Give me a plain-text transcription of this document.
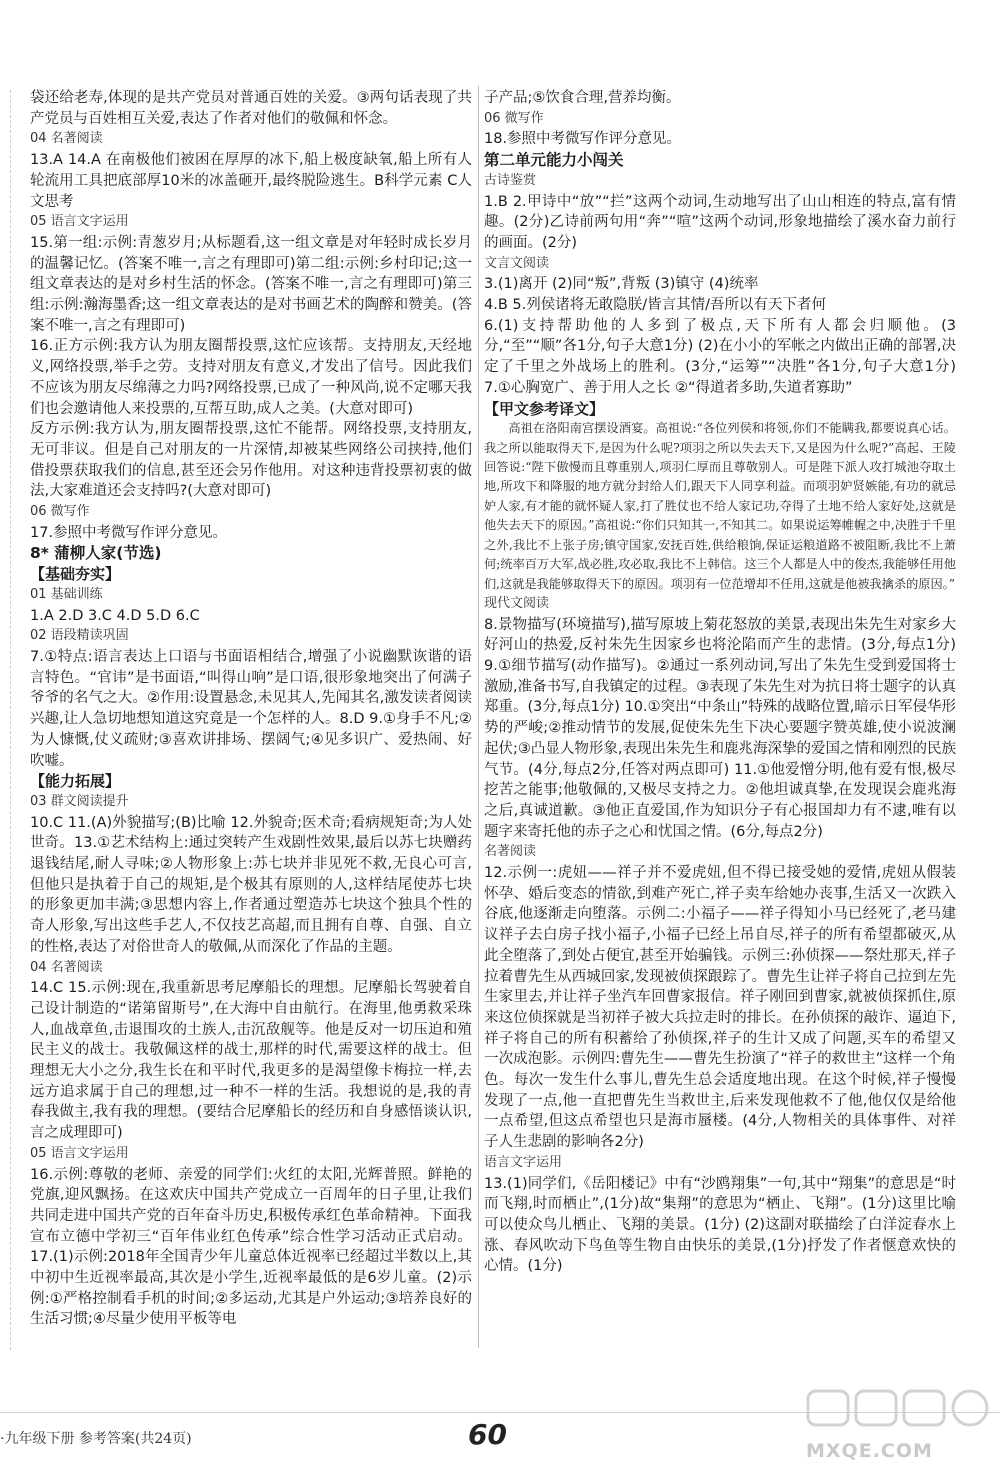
袋还给老寿,体现的是共产党员对普通百姓的关爱。③两句话表现了共产党员与百姓相互关爱,表达了作者对他们的敬佩和怀念。

04 名著阅读

13.A 14.A 在南极他们被困在厚厚的冰下,船上极度缺氧,船上所有人轮流用工具把底部厚10米的冰盖砸开,最终脱险逃生。B科学元素 C人文思考

05 语言文字运用

15.第一组:示例:青葱岁月;从标题看,这一组文章是对年轻时成长岁月的温馨记忆。(答案不唯一,言之有理即可)第二组:示例:乡村印记;这一组文章表达的是对乡村生活的怀念。(答案不唯一,言之有理即可)第三组:示例:瀚海墨香;这一组文章表达的是对书画艺术的陶醉和赞美。(答案不唯一,言之有理即可)

16.正方示例:我方认为朋友圈帮投票,这忙应该帮。支持朋友,天经地义,网络投票,举手之劳。支持对朋友有意义,才发出了信号。因此我们不应该为朋友尽绵薄之力吗?网络投票,已成了一种风尚,说不定哪天我们也会邀请他人来投票的,互帮互助,成人之美。(大意对即可)

反方示例:我方认为,朋友圈帮投票,这忙不能帮。网络投票,支持朋友,无可非议。但是自己对朋友的一片深情,却被某些网络公司挟持,他们借投票获取我们的信息,甚至还会另作他用。对这种违背投票初衷的做法,大家难道还会支持吗?(大意对即可)

06 微写作

17.参照中考微写作评分意见。

8* 蒲柳人家(节选)

【基础夯实】

01 基础训练

1.A 2.D 3.C 4.D 5.D 6.C

02 语段精读巩固

7.①特点:语言表达上口语与书面语相结合,增强了小说幽默诙谐的语言特色。“官讳”是书面语,“叫得山响”是口语,很形象地突出了何满子爷爷的名气之大。②作用:设置悬念,未见其人,先闻其名,激发读者阅读兴趣,让人急切地想知道这究竟是一个怎样的人。8.D 9.①身手不凡;②为人慷慨,仗义疏财;③喜欢讲排场、摆阔气;④见多识广、爱热闹、好吹嘘。

【能力拓展】

03 群文阅读提升

10.C 11.(A)外貌描写;(B)比喻 12.外貌奇;医术奇;看病规矩奇;为人处世奇。13.①艺术结构上:通过突转产生戏剧性效果,最后以苏七块赠药退钱结尾,耐人寻味;②人物形象上:苏七块并非见死不救,无良心可言,但他只是执着于自己的规矩,是个极其有原则的人,这样结尾使苏七块的形象更加丰满;③思想内容上,作者通过塑造苏七块这个独具个性的奇人形象,写出这些手艺人,不仅技艺高超,而且拥有自尊、自强、自立的性格,表达了对俗世奇人的敬佩,从而深化了作品的主题。

04 名著阅读

14.C 15.示例:现在,我重新思考尼摩船长的理想。尼摩船长驾驶着自己设计制造的“诺第留斯号”,在大海中自由航行。在海里,他勇救采珠人,血战章鱼,击退围攻的土族人,击沉敌舰等。他是反对一切压迫和殖民主义的战士。我敬佩这样的战士,那样的时代,需要这样的战士。但理想无大小之分,我生长在和平时代,我更多的是渴望像卡梅拉一样,去远方追求属于自己的理想,过一种不一样的生活。我想说的是,我的青春我做主,我有我的理想。(要结合尼摩船长的经历和自身感悟谈认识,言之成理即可)

05 语言文字运用

16.示例:尊敬的老师、亲爱的同学们:火红的太阳,光辉普照。鲜艳的党旗,迎风飘扬。在这欢庆中国共产党成立一百周年的日子里,让我们共同走进中国共产党的百年奋斗历史,积极传承红色革命精神。下面我宣布立德中学初三“百年伟业红色传承”综合性学习活动正式启动。17.(1)示例:2018年全国青少年儿童总体近视率已经超过半数以上,其中初中生近视率最高,其次是小学生,近视率最低的是6岁儿童。(2)示例:①严格控制看手机的时间;②多运动,尤其是户外运动;③培养良好的生活习惯;④尽量少使用平板等电

子产品;⑤饮食合理,营养均衡。

06 微写作

18.参照中考微写作评分意见。

第二单元能力小闯关

古诗鉴赏

1.B 2.甲诗中“放”“拦”这两个动词,生动地写出了山山相连的特点,富有情趣。(2分)乙诗前两句用“奔”“喧”这两个动词,形象地描绘了溪水奋力前行的画面。(2分)

文言文阅读

3.(1)离开 (2)同“叛”,背叛 (3)镇守 (4)统率

4.B 5.列侯诸将无敢隐朕/皆言其情/吾所以有天下者何

6.(1)支持帮助他的人多到了极点,天下所有人都会归顺他。(3分,“至”“顺”各1分,句子大意1分) (2)在小小的军帐之内做出正确的部署,决定了千里之外战场上的胜利。(3分,“运筹”“决胜”各1分,句子大意1分) 7.①心胸宽广、善于用人之长 ②“得道者多助,失道者寡助”

【甲文参考译文】

高祖在洛阳南宫摆设酒宴。高祖说:“各位列侯和将领,你们不能瞒我,都要说真心话。我之所以能取得天下,是因为什么呢?项羽之所以失去天下,又是因为什么呢?”高起、王陵回答说:“陛下傲慢而且尊重别人,项羽仁厚而且尊敬别人。可是陛下派人攻打城池夺取土地,所攻下和降服的地方就分封给人们,跟天下人同享利益。而项羽妒贤嫉能,有功的就忌妒人家,有才能的就怀疑人家,打了胜仗也不给人家记功,夺得了土地不给人家好处,这就是他失去天下的原因。”高祖说:“你们只知其一,不知其二。如果说运筹帷幄之中,决胜于千里之外,我比不上张子房;镇守国家,安抚百姓,供给粮饷,保证运粮道路不被阻断,我比不上萧何;统率百万大军,战必胜,攻必取,我比不上韩信。这三个人都是人中的俊杰,我能够任用他们,这就是我能够取得天下的原因。项羽有一位范增却不任用,这就是他被我擒杀的原因。”

现代文阅读

8.景物描写(环境描写),描写原坡上菊花怒放的美景,表现出朱先生对家乡大好河山的热爱,反衬朱先生因家乡也将沦陷而产生的悲情。(3分,每点1分) 9.①细节描写(动作描写)。②通过一系列动词,写出了朱先生受到爱国将士激励,准备书写,自我镇定的过程。③表现了朱先生对为抗日将士题字的认真郑重。(3分,每点1分) 10.①突出“中条山”特殊的战略位置,暗示日军侵华形势的严峻;②推动情节的发展,促使朱先生下决心要题字赞英雄,使小说波澜起伏;③凸显人物形象,表现出朱先生和鹿兆海深挚的爱国之情和刚烈的民族气节。(4分,每点2分,任答对两点即可) 11.①他爱憎分明,他有爱有恨,极尽挖苦之能事;他敬佩的,又极尽支持之力。②他坦诚真挚,在发现误会鹿兆海之后,真诚道歉。③他正直爱国,作为知识分子有心报国却力有不逮,唯有以题字来寄托他的赤子之心和忧国之情。(6分,每点2分)

名著阅读

12.示例一:虎妞——祥子并不爱虎妞,但不得已接受她的爱情,虎妞从假装怀孕、婚后变态的情欲,到难产死亡,祥子卖车给她办丧事,生活又一次跌入谷底,他逐渐走向堕落。示例二:小福子——祥子得知小马已经死了,老马建议祥子去白房子找小福子,小福子已经上吊自尽,祥子的所有希望都破灭,从此全堕落了,到处占便宜,甚至开始骗钱。示例三:孙侦探——祭灶那天,祥子拉着曹先生从西城回家,发现被侦探跟踪了。曹先生让祥子将自己拉到左先生家里去,并让祥子坐汽车回曹家报信。祥子刚回到曹家,就被侦探抓住,原来这位侦探就是当初祥子被大兵拉走时的排长。在孙侦探的敲诈、逼迫下,祥子将自己的所有积蓄给了孙侦探,祥子的生计又成了问题,买车的希望又一次成泡影。示例四:曹先生——曹先生扮演了“祥子的救世主”这样一个角色。每次一发生什么事儿,曹先生总会适度地出现。在这个时候,祥子慢慢发现了一点,他一直把曹先生当救世主,后来发现他救不了他,他仅仅是给他一点希望,但这点希望也只是海市蜃楼。(4分,人物相关的具体事件、对祥子人生悲剧的影响各2分)

语言文字运用

13.(1)同学们,《岳阳楼记》中有“沙鸥翔集”一句,其中“翔集”的意思是“时而飞翔,时而栖止”,(1分)故“集翔”的意思为“栖止、飞翔”。(1分)这里比喻可以使众鸟儿栖止、飞翔的美景。(1分) (2)这副对联描绘了白洋淀春水上涨、春风吹动下鸟鱼等生物自由快乐的美景,(1分)抒发了作者惬意欢快的心情。(1分)

·九年级下册 参考答案(共24页)	60	MXQE.COM
